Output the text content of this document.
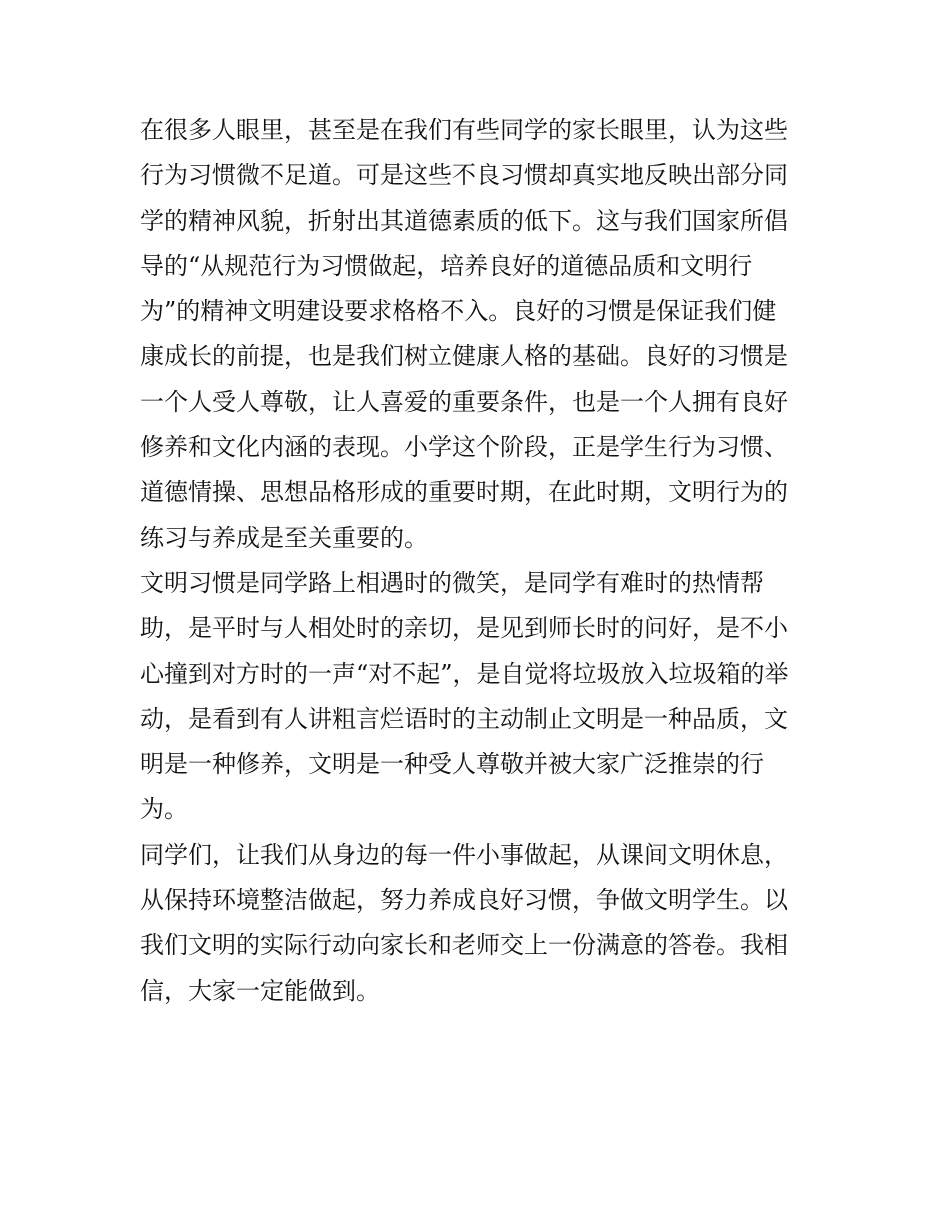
在很多人眼里，甚至是在我们有些同学的家长眼里，认为这些
行为习惯微不足道。可是这些不良习惯却真实地反映出部分同
学的精神风貌，折射出其道德素质的低下。这与我们国家所倡
导的“从规范行为习惯做起，培养良好的道德品质和文明行
为”的精神文明建设要求格格不入。良好的习惯是保证我们健
康成长的前提，也是我们树立健康人格的基础。良好的习惯是
一个人受人尊敬，让人喜爱的重要条件，也是一个人拥有良好
修养和文化内涵的表现。小学这个阶段，正是学生行为习惯、
道德情操、思想品格形成的重要时期，在此时期，文明行为的
练习与养成是至关重要的。
文明习惯是同学路上相遇时的微笑，是同学有难时的热情帮
助，是平时与人相处时的亲切，是见到师长时的问好，是不小
心撞到对方时的一声“对不起”，是自觉将垃圾放入垃圾箱的举
动，是看到有人讲粗言烂语时的主动制止文明是一种品质，文
明是一种修养，文明是一种受人尊敬并被大家广泛推崇的行
为。
同学们，让我们从身边的每一件小事做起，从课间文明休息，
从保持环境整洁做起，努力养成良好习惯，争做文明学生。以
我们文明的实际行动向家长和老师交上一份满意的答卷。我相
信，大家一定能做到。
